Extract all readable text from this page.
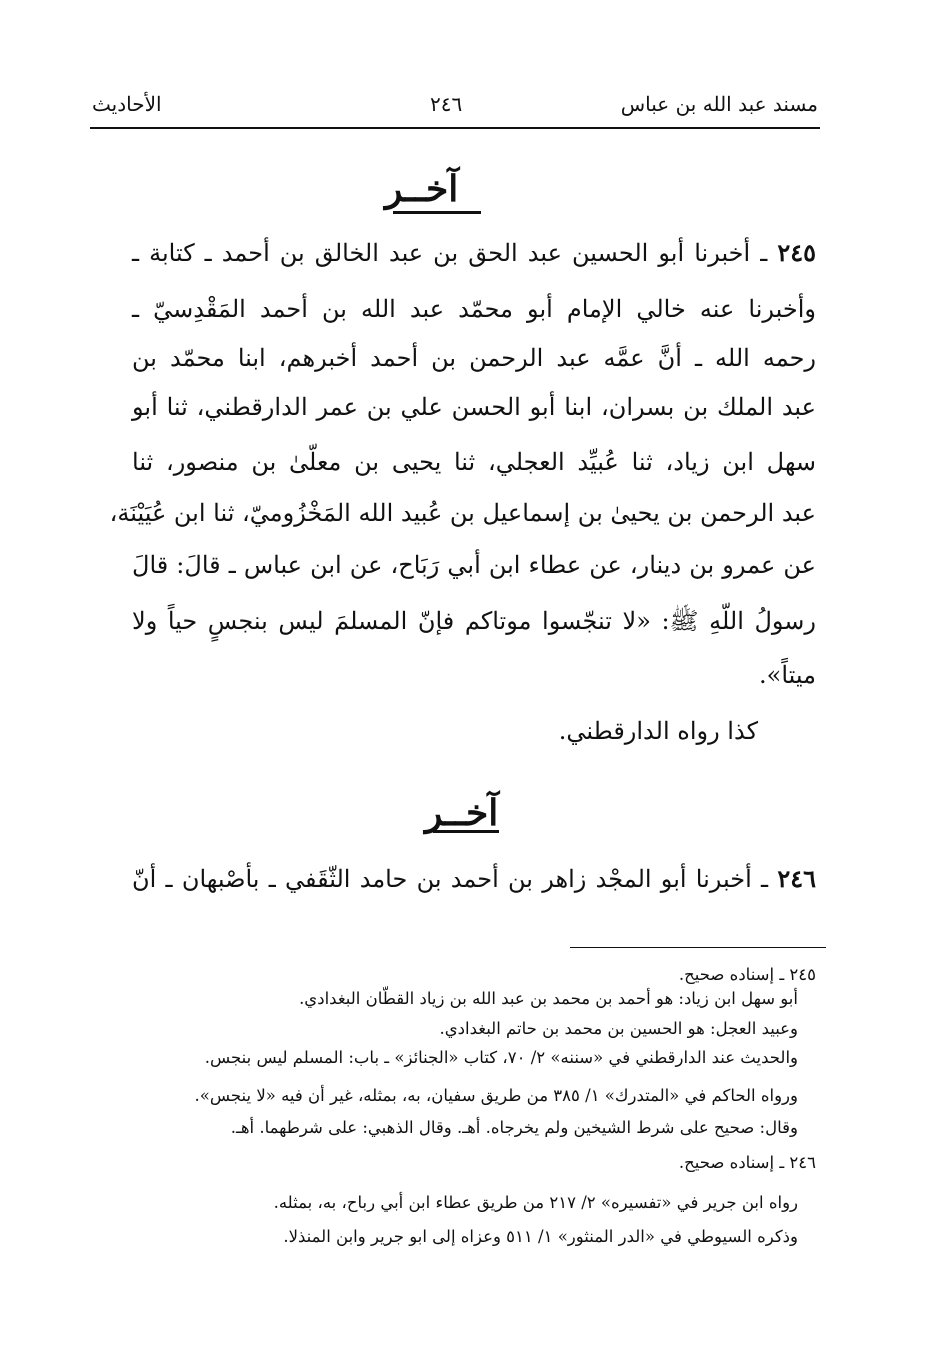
مسند عبد الله بن عباس
٢٤٦
الأحاديث
آخــر
٢٤٥ ـ أخبرنا أبو الحسين عبد الحق بن عبد الخالق بن أحمد ـ كتابة ـ
وأخبرنا عنه خالي الإمام أبو محمّد عبد الله بن أحمد المَقْدِسيّ ـ
رحمه الله ـ أنَّ عمَّه عبد الرحمن بن أحمد أخبرهم، ابنا محمّد بن
عبد الملك بن بسران، ابنا أبو الحسن علي بن عمر الدارقطني، ثنا أبو
سهل ابن زياد، ثنا عُبيِّد العجلي، ثنا يحيى بن معلّىٰ بن منصور، ثنا
عبد الرحمن بن يحيىٰ بن إسماعيل بن عُبيد الله المَخْزُوميّ، ثنا ابن عُيَيْنَة،
عن عمرو بن دينار، عن عطاء ابن أبي رَبَاح، عن ابن عباس ـ قالَ: قالَ
رسولُ اللّهِ ﷺ: «لا تنجّسوا موتاكم فإنّ المسلمَ ليس بنجسٍ حياً ولا
ميتاً».
كذا رواه الدارقطني.
آخــر
٢٤٦ ـ أخبرنا أبو المجْد زاهر بن أحمد بن حامد الثّقَفي ـ بأصْبهان ـ أنّ
٢٤٥ ـ إسناده صحيح.
أبو سهل ابن زياد: هو أحمد بن محمد بن عبد الله بن زياد القطّان البغدادي.
وعبيد العجل: هو الحسين بن محمد بن حاتم البغدادي.
والحديث عند الدارقطني في «سننه» ٢/ ٧٠، كتاب «الجنائز» ـ باب: المسلم ليس بنجس.
ورواه الحاكم في «المتدرك» ١/ ٣٨٥ من طريق سفيان، به، بمثله، غير أن فيه «لا ينجس».
وقال: صحيح على شرط الشيخين ولم يخرجاه. أهـ. وقال الذهبي: على شرطهما. أهـ.
٢٤٦ ـ إسناده صحيح.
رواه ابن جرير في «تفسيره» ٢/ ٢١٧ من طريق عطاء ابن أبي رباح، به، بمثله.
وذكره السيوطي في «الدر المنثور» ١/ ٥١١ وعزاه إلى ابو جرير وابن المنذلا.
